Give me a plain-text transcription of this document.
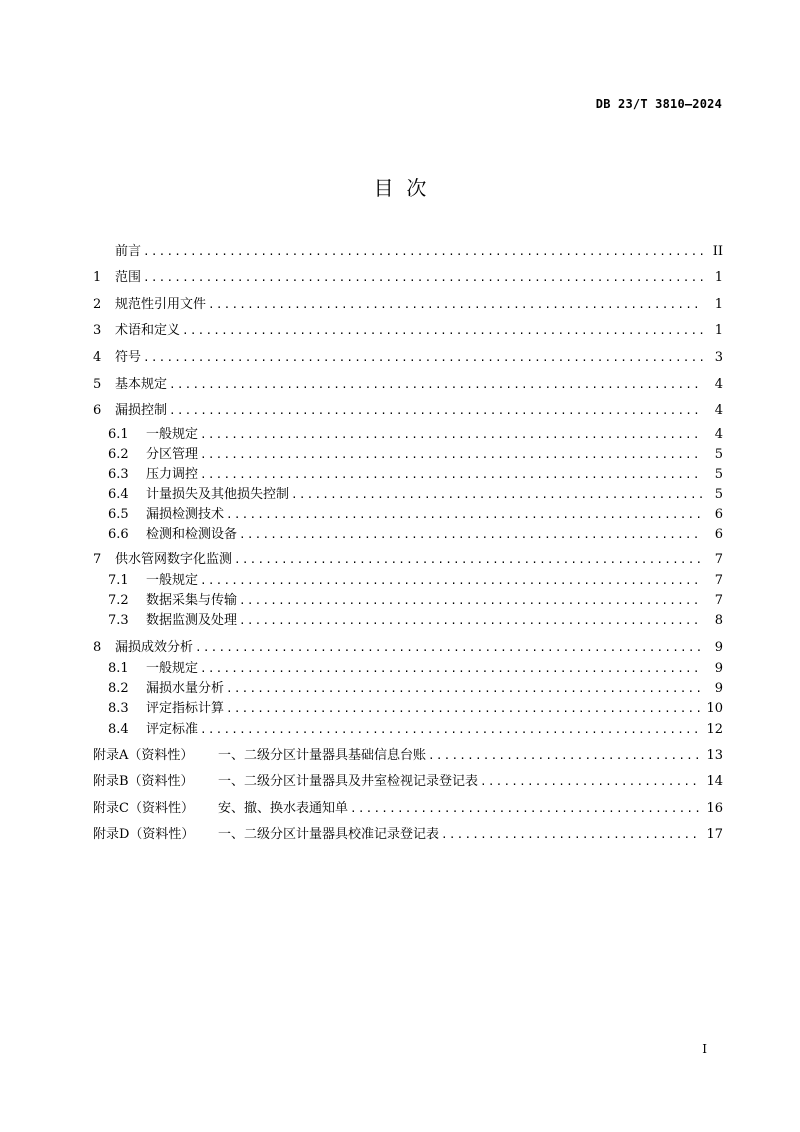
DB 23/T 3810—2024
目  次
前言 .....	II
1	范围 .....	1
2	规范性引用文件 .....	1
3	术语和定义 .....	1
4	符号 .....	3
5	基本规定 .....	4
6	漏损控制 .....	4
6.1	一般规定 .....	4
6.2	分区管理 .....	5
6.3	压力调控 .....	5
6.4	计量损失及其他损失控制 .....	5
6.5	漏损检测技术 .....	6
6.6	检测和检测设备 .....	6
7	供水管网数字化监测 .....	7
7.1	一般规定 .....	7
7.2	数据采集与传输 .....	7
7.3	数据监测及处理 .....	8
8	漏损成效分析 .....	9
8.1	一般规定 .....	9
8.2	漏损水量分析 .....	9
8.3	评定指标计算 .....	10
8.4	评定标准 .....	12
附录A（资料性）	一、二级分区计量器具基础信息台账 .....	13
附录B（资料性）	一、二级分区计量器具及井室检视记录登记表 .....	14
附录C（资料性）	安、撤、换水表通知单 .....	16
附录D（资料性）	一、二级分区计量器具校准记录登记表 .....	17
I
